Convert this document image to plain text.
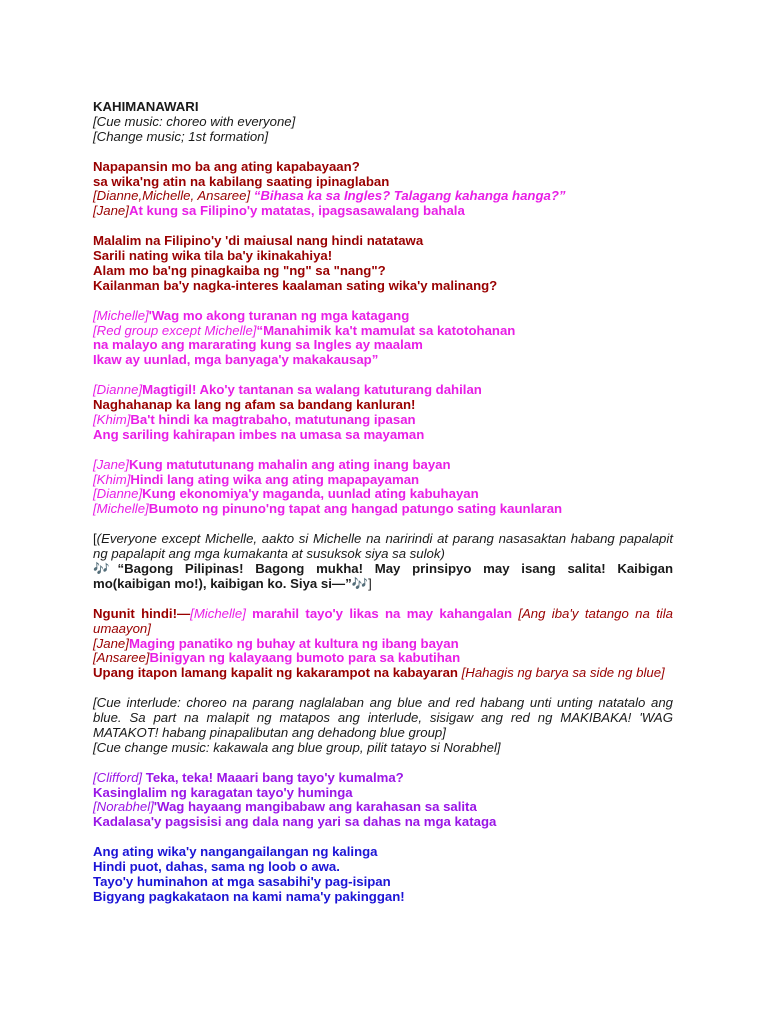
KAHIMANAWARI
[Cue music: choreo with everyone]
[Change music; 1st formation]
Napapansin mo ba ang ating kapabayaan?
sa wika'ng atin na kabilang saating ipinaglaban
[Dianne,Michelle, Ansaree] “Bihasa ka sa Ingles? Talagang kahanga hanga?”
[Jane]At kung sa Filipino'y matatas, ipagsasawalang bahala
Malalim na Filipino'y 'di maiusal nang hindi natatawa
Sarili nating wika tila ba'y ikinakahiya!
Alam mo ba'ng pinagkaiba ng "ng" sa "nang"?
Kailanman ba'y nagka-interes kaalaman sating wika'y malinang?
[Michelle]'Wag mo akong turanan ng mga katagang
[Red group except Michelle]“Manahimik ka't mamulat sa katotohanan
na malayo ang mararating kung sa Ingles ay maalam
Ikaw ay uunlad, mga banyaga'y makakausap”
[Dianne]Magtigil! Ako'y tantanan sa walang katuturang dahilan
Naghahanap ka lang ng afam sa bandang kanluran!
[Khim]Ba't hindi ka magtrabaho, matutunang ipasan
Ang sariling kahirapan imbes na umasa sa mayaman
[Jane]Kung matututunang mahalin ang ating inang bayan
[Khim]Hindi lang ating wika ang ating mapapayaman
[Dianne]Kung ekonomiya'y maganda, uunlad ating kabuhayan
[Michelle]Bumoto ng pinuno'ng tapat ang hangad patungo sating kaunlaran
[(Everyone except Michelle, aakto si Michelle na naririndi at parang nasasaktan habang papalapit ng papalapit ang mga kumakanta at susuksok siya sa sulok)
🎶“Bagong Pilipinas! Bagong mukha! May prinsipyo may isang salita! Kaibigan mo(kaibigan mo!), kaibigan ko. Siya si—”🎶]
Ngunit hindi!—[Michelle] marahil tayo'y likas na may kahangalan [Ang iba'y tatango na tila umaayon]
[Jane]Maging panatiko ng buhay at kultura ng ibang bayan
[Ansaree]Binigyan ng kalayaang bumoto para sa kabutihan
Upang itapon lamang kapalit ng kakarampot na kabayaran [Hahagis ng barya sa side ng blue]
[Cue interlude: choreo na parang naglalaban ang blue and red habang unti unting natatalo ang blue. Sa part na malapit ng matapos ang interlude, sisigaw ang red ng MAKIBAKA! 'WAG MATAKOT! habang pinapalibutan ang dehadong blue group]
[Cue change music: kakawala ang blue group, pilit tatayo si Norabhel]
[Clifford] Teka, teka! Maaari bang tayo'y kumalma?
Kasinglalim ng karagatan tayo'y huminga
[Norabhel]'Wag hayaang mangibabaw ang karahasan sa salita
Kadalasa'y pagsisisi ang dala nang yari sa dahas na mga kataga
Ang ating wika'y nangangailangan ng kalinga
Hindi puot, dahas, sama ng loob o awa.
Tayo'y huminahon at mga sasabihi'y pag-isipan
Bigyang pagkakataon na kami nama'y pakinggan!
